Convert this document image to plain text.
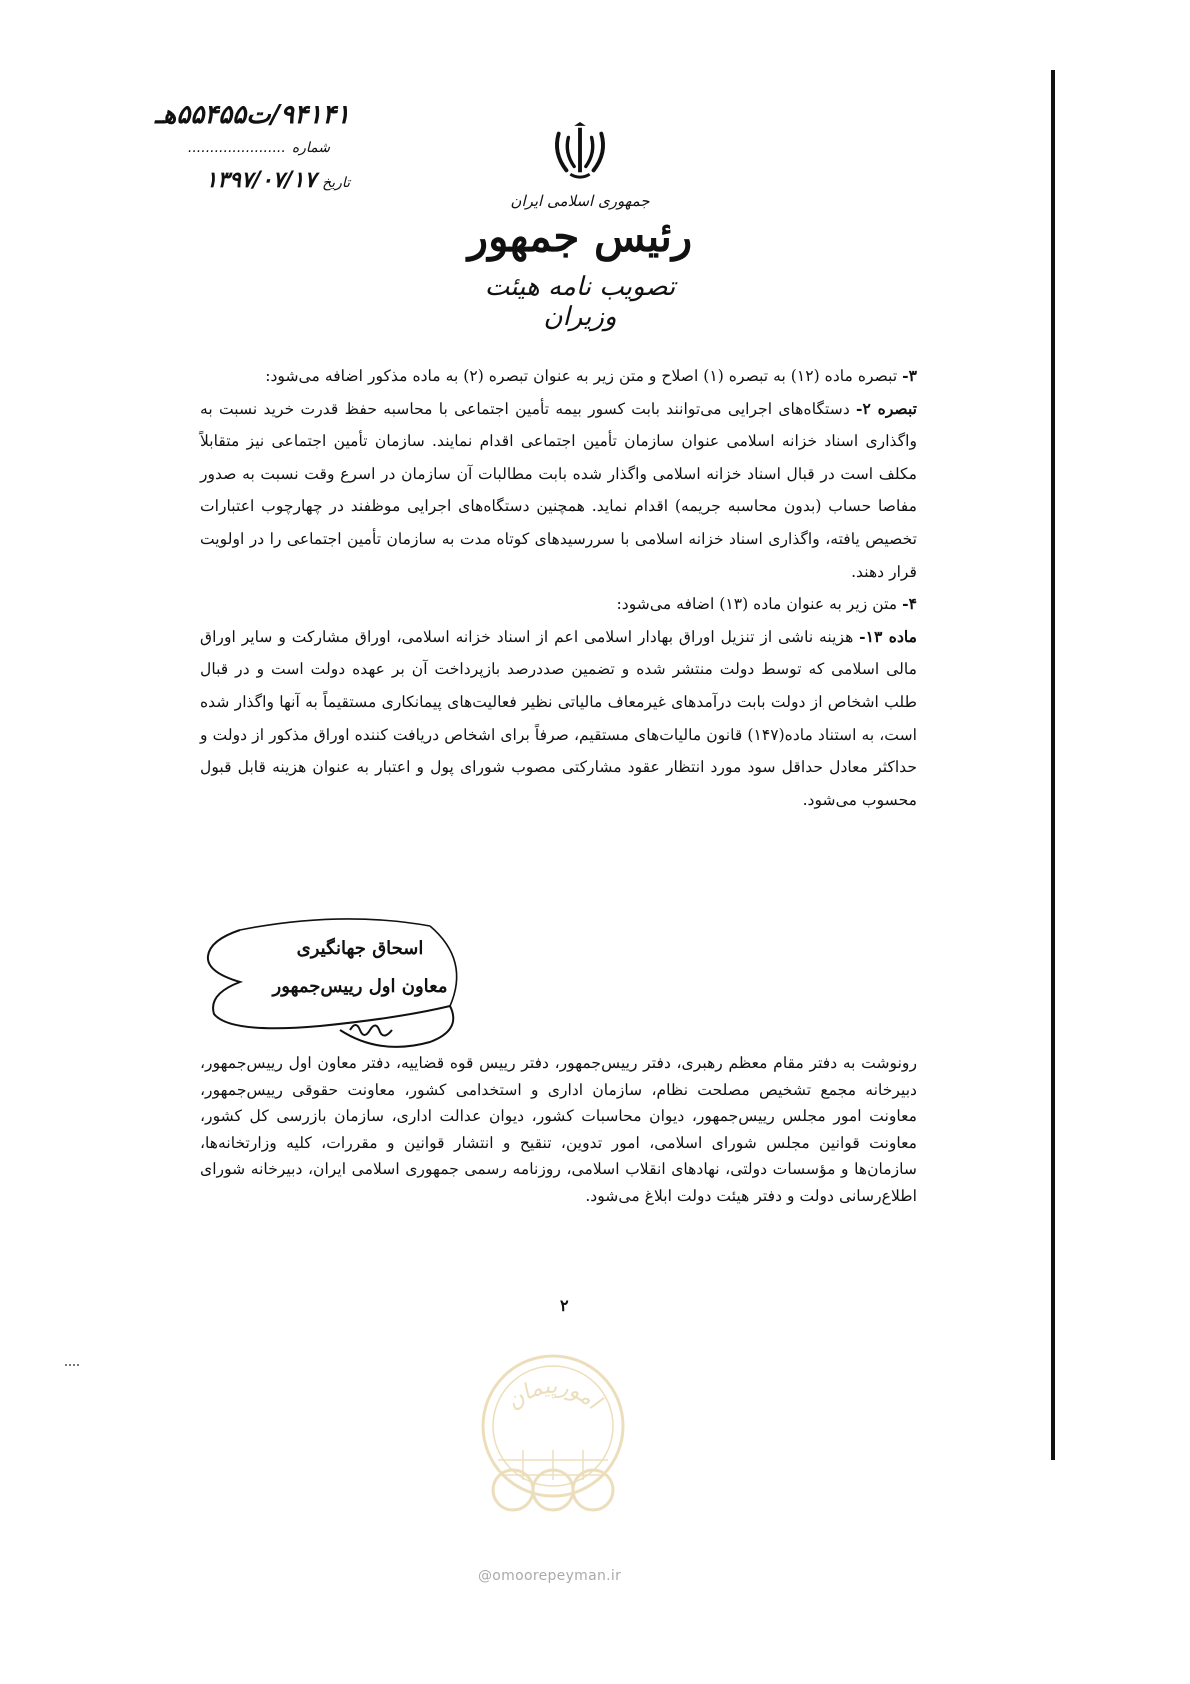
۹۴۱۴۱/ت۵۵۴۵۵هـ
شماره
......................
تاریخ
۱۳۹۷/۰۷/۱۷
جمهوری اسلامی ایران
رئیس جمهور
تصویب نامه هیئت وزیران

۳- تبصره ماده (۱۲) به تبصره (۱) اصلاح و متن زیر به عنوان تبصره (۲) به ماده مذکور اضافه می‌شود:

تبصره ۲- دستگاه‌های اجرایی می‌توانند بابت کسور بیمه تأمین اجتماعی با محاسبه حفظ قدرت خرید نسبت به واگذاری اسناد خزانه اسلامی عنوان سازمان تأمین اجتماعی اقدام نمایند. سازمان تأمین اجتماعی نیز متقابلاً مکلف است در قبال اسناد خزانه اسلامی واگذار شده بابت مطالبات آن سازمان در اسرع وقت نسبت به صدور مفاصا حساب (بدون محاسبه جریمه) اقدام نماید. همچنین دستگاه‌های اجرایی موظفند در چهارچوب اعتبارات تخصیص یافته، واگذاری اسناد خزانه اسلامی با سررسیدهای کوتاه مدت به سازمان تأمین اجتماعی را در اولویت قرار دهند.

۴- متن زیر به عنوان ماده (۱۳) اضافه می‌شود:

ماده ۱۳- هزینه ناشی از تنزیل اوراق بهادار اسلامی اعم از اسناد خزانه اسلامی، اوراق مشارکت و سایر اوراق مالی اسلامی که توسط دولت منتشر شده و تضمین صددرصد بازپرداخت آن بر عهده دولت است و در قبال طلب اشخاص از دولت بابت درآمدهای غیرمعاف مالیاتی نظیر فعالیت‌های پیمانکاری مستقیماً به آنها واگذار شده است، به استناد ماده(۱۴۷) قانون مالیات‌های مستقیم، صرفاً برای اشخاص دریافت کننده اوراق مذکور از دولت و حداکثر معادل حداقل سود مورد انتظار عقود مشارکتی مصوب شورای پول و اعتبار به عنوان هزینه قابل قبول محسوب می‌شود.

اسحاق جهانگیری
معاون اول رییس‌جمهور

رونوشت به دفتر مقام معظم رهبری، دفتر رییس‌جمهور، دفتر رییس قوه قضاییه، دفتر معاون اول رییس‌جمهور، دبیرخانه مجمع تشخیص مصلحت نظام، سازمان اداری و استخدامی کشور، معاونت حقوقی رییس‌جمهور، معاونت امور مجلس رییس‌جمهور، دیوان محاسبات کشور، دیوان عدالت اداری، سازمان بازرسی کل کشور، معاونت قوانین مجلس شورای اسلامی، امور تدوین، تنقیح و انتشار قوانین و مقررات، کلیه وزارتخانه‌ها، سازمان‌ها و مؤسسات دولتی، نهادهای انقلاب اسلامی، روزنامه رسمی جمهوری اسلامی ایران، دبیرخانه شورای اطلاع‌رسانی دولت و دفتر هیئت دولت ابلاغ می‌شود.

۲
امورپیمان
@omoorepeyman.ir
